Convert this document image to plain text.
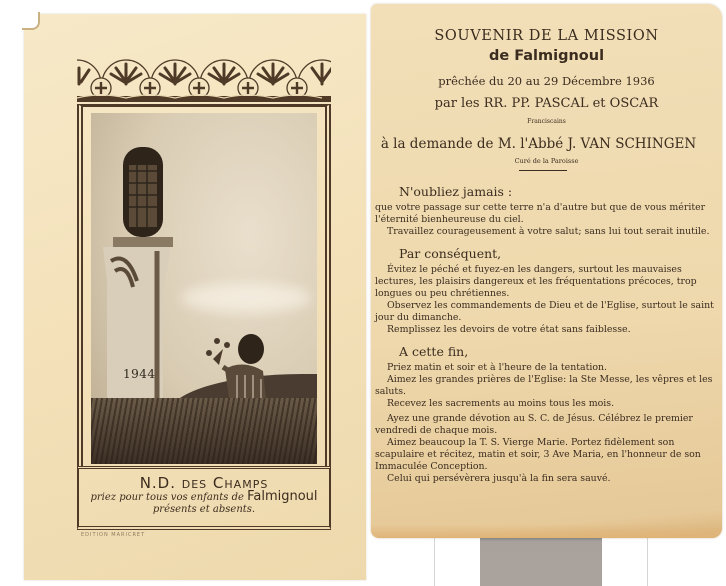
1944
N.D. des Champs
priez pour tous vos enfants de Falmignoul
présents et absents.
EDITION MARICRET
SOUVENIR DE LA MISSION
de Falmignoul
prêchée du 20 au 29 Décembre 1936
par les RR. PP. PASCAL et OSCAR
Franciscains
à la demande de M. l'Abbé J. VAN SCHINGEN
Curé de la Paroisse
N'oubliez jamais :

que votre passage sur cette terre n'a d'autre but que de vous mériter l'éternité bienheureuse du ciel.

Travaillez courageusement à votre salut; sans lui tout serait inutile.

Par conséquent,

Évitez le péché et fuyez-en les dangers, surtout les mauvaises lectures, les plaisirs dangereux et les fréquentations précoces, trop longues ou peu chrétiennes.

Observez les commandements de Dieu et de l'Eglise, surtout le saint jour du dimanche.

Remplissez les devoirs de votre état sans faiblesse.

A cette fin,

Priez matin et soir et à l'heure de la tentation.

Aimez les grandes prières de l'Eglise: la Ste Messe, les vêpres et les saluts.

Recevez les sacrements au moins tous les mois.

Ayez une grande dévotion au S. C. de Jésus. Célébrez le premier vendredi de chaque mois.

Aimez beaucoup la T. S. Vierge Marie. Portez fidèlement son scapulaire et récitez, matin et soir, 3 Ave Maria, en l'honneur de son Immaculée Conception.

Celui qui persévèrera jusqu'à la fin sera sauvé.
